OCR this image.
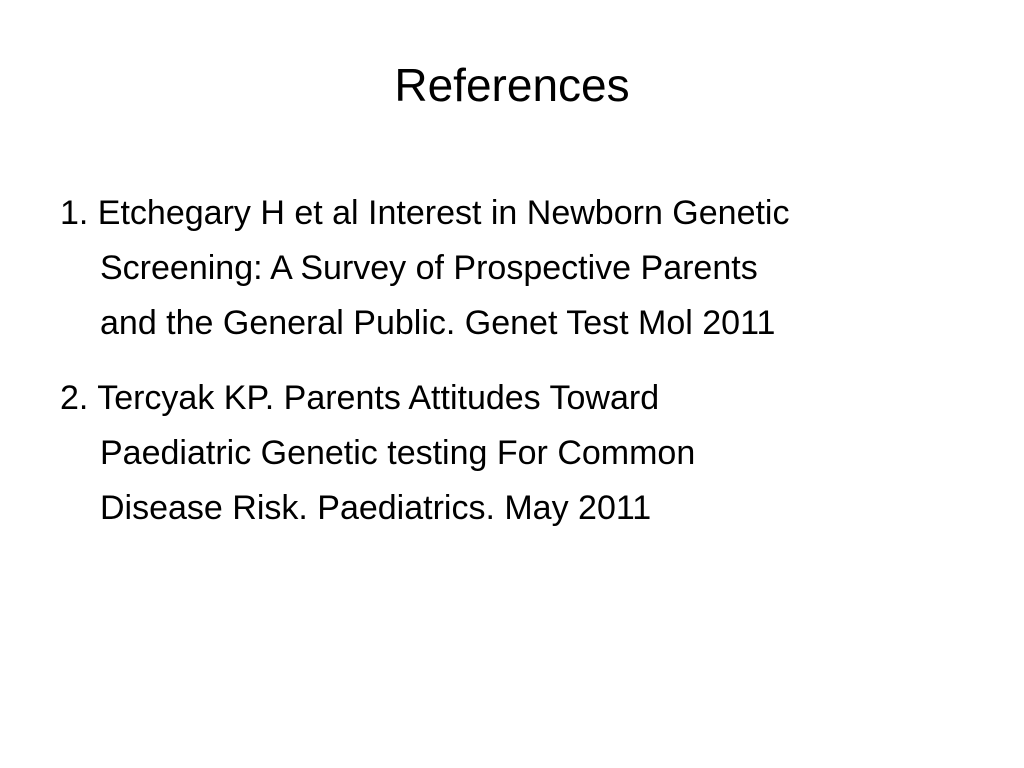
References
1. Etchegary H et al Interest in Newborn Genetic
Screening: A Survey of Prospective Parents
and the General Public. Genet Test Mol 2011
2. Tercyak KP. Parents Attitudes Toward
Paediatric Genetic testing For Common
Disease Risk. Paediatrics. May 2011
